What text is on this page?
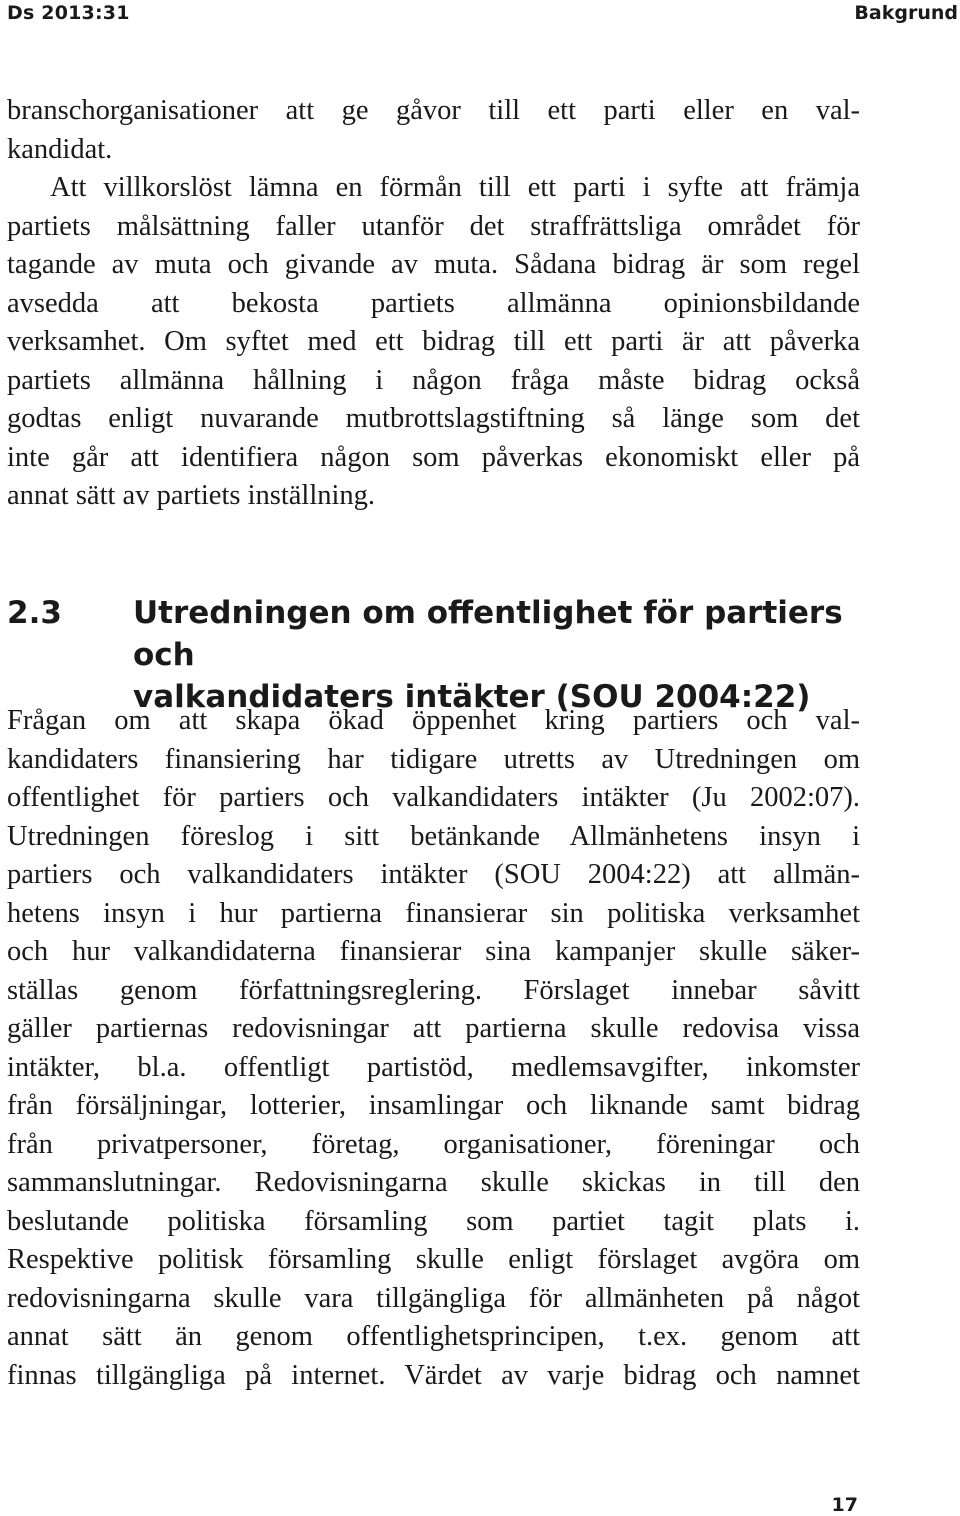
Ds 2013:31	Bakgrund
branschorganisationer att ge gåvor till ett parti eller en val-
kandidat.
Att villkorslöst lämna en förmån till ett parti i syfte att främja
partiets målsättning faller utanför det straffrättsliga området för
tagande av muta och givande av muta. Sådana bidrag är som regel
avsedda att bekosta partiets allmänna opinionsbildande
verksamhet. Om syftet med ett bidrag till ett parti är att påverka
partiets allmänna hållning i någon fråga måste bidrag också
godtas enligt nuvarande mutbrottslagstiftning så länge som det
inte går att identifiera någon som påverkas ekonomiskt eller på
annat sätt av partiets inställning.
2.3 Utredningen om offentlighet för partiers och
valkandidaters intäkter (SOU 2004:22)
Frågan om att skapa ökad öppenhet kring partiers och val-
kandidaters finansiering har tidigare utretts av Utredningen om
offentlighet för partiers och valkandidaters intäkter (Ju 2002:07).
Utredningen föreslog i sitt betänkande Allmänhetens insyn i
partiers och valkandidaters intäkter (SOU 2004:22) att allmän-
hetens insyn i hur partierna finansierar sin politiska verksamhet
och hur valkandidaterna finansierar sina kampanjer skulle säker-
ställas genom författningsreglering. Förslaget innebar såvitt
gäller partiernas redovisningar att partierna skulle redovisa vissa
intäkter, bl.a. offentligt partistöd, medlemsavgifter, inkomster
från försäljningar, lotterier, insamlingar och liknande samt bidrag
från privatpersoner, företag, organisationer, föreningar och
sammanslutningar. Redovisningarna skulle skickas in till den
beslutande politiska församling som partiet tagit plats i.
Respektive politisk församling skulle enligt förslaget avgöra om
redovisningarna skulle vara tillgängliga för allmänheten på något
annat sätt än genom offentlighetsprincipen, t.ex. genom att
finnas tillgängliga på internet. Värdet av varje bidrag och namnet
17
